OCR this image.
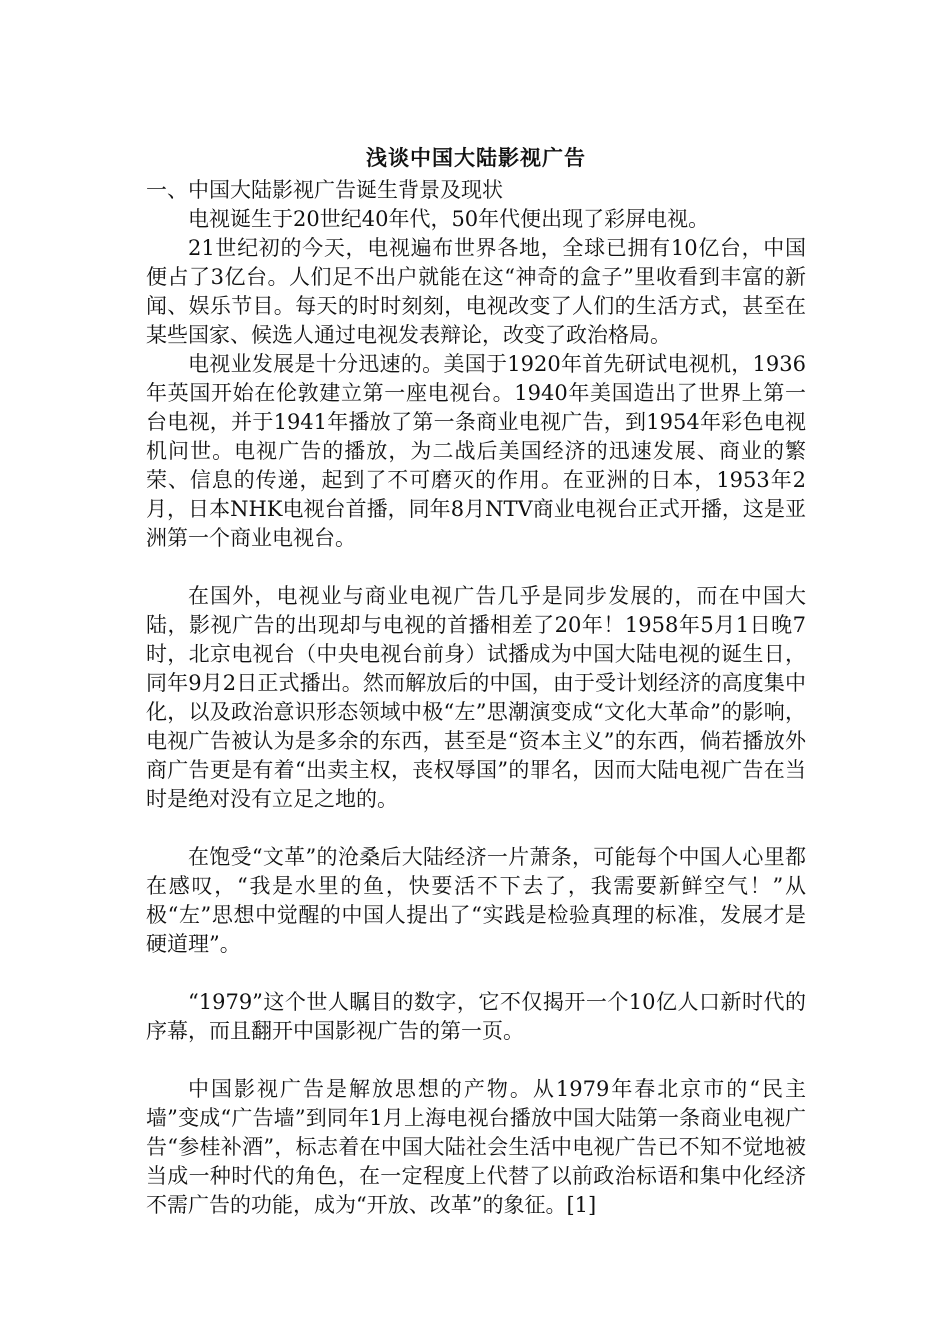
浅谈中国大陆影视广告
一、中国大陆影视广告诞生背景及现状

电视诞生于20世纪40年代，50年代便出现了彩屏电视。

21世纪初的今天，电视遍布世界各地，全球已拥有10亿台，中国便占了3亿台。人们足不出户就能在这“神奇的盒子”里收看到丰富的新闻、娱乐节目。每天的时时刻刻，电视改变了人们的生活方式，甚至在某些国家、候选人通过电视发表辩论，改变了政治格局。

电视业发展是十分迅速的。美国于1920年首先研试电视机，1936年英国开始在伦敦建立第一座电视台。1940年美国造出了世界上第一台电视，并于1941年播放了第一条商业电视广告，到1954年彩色电视机问世。电视广告的播放，为二战后美国经济的迅速发展、商业的繁荣、信息的传递，起到了不可磨灭的作用。在亚洲的日本，1953年2月，日本NHK电视台首播，同年8月NTV商业电视台正式开播，这是亚洲第一个商业电视台。

在国外，电视业与商业电视广告几乎是同步发展的，而在中国大陆，影视广告的出现却与电视的首播相差了20年！1958年5月1日晚7时，北京电视台（中央电视台前身）试播成为中国大陆电视的诞生日，同年9月2日正式播出。然而解放后的中国，由于受计划经济的高度集中化，以及政治意识形态领域中极“左”思潮演变成“文化大革命”的影响，电视广告被认为是多余的东西，甚至是“资本主义”的东西，倘若播放外商广告更是有着“出卖主权，丧权辱国”的罪名，因而大陆电视广告在当时是绝对没有立足之地的。

在饱受“文革”的沧桑后大陆经济一片萧条，可能每个中国人心里都在感叹，“我是水里的鱼，快要活不下去了，我需要新鲜空气！”从极“左”思想中觉醒的中国人提出了“实践是检验真理的标准，发展才是硬道理”。

“1979”这个世人瞩目的数字，它不仅揭开一个10亿人口新时代的序幕，而且翻开中国影视广告的第一页。

中国影视广告是解放思想的产物。从1979年春北京市的“民主墙”变成“广告墙”到同年1月上海电视台播放中国大陆第一条商业电视广告“参桂补酒”，标志着在中国大陆社会生活中电视广告已不知不觉地被当成一种时代的角色，在一定程度上代替了以前政治标语和集中化经济不需广告的功能，成为“开放、改革”的象征。[1]
